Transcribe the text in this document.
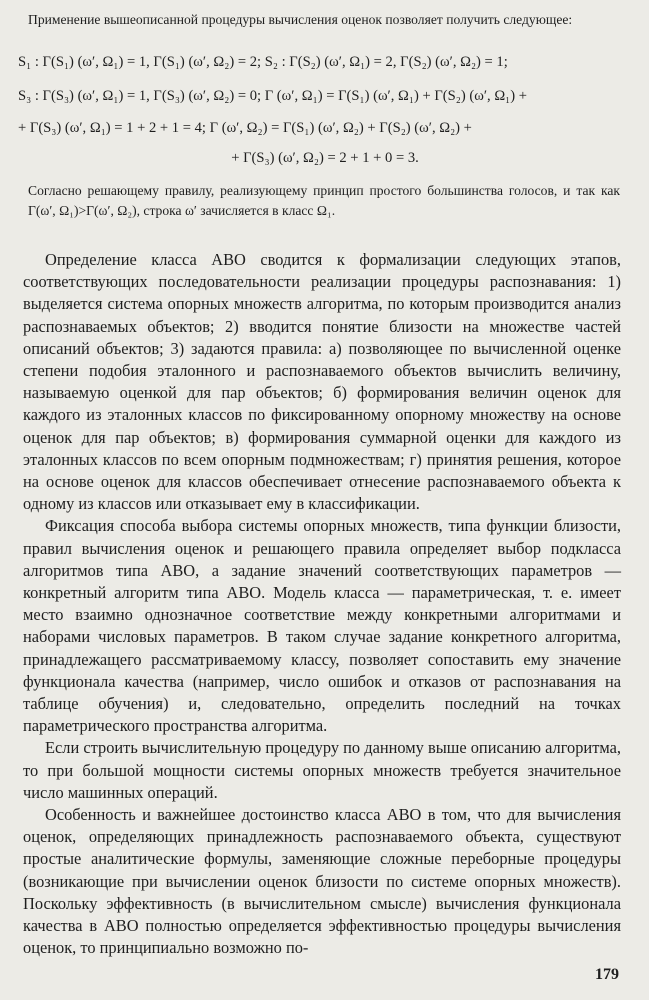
Применение вышеописанной процедуры вычисления оценок позволяет получить следующее:
S₁ : Γ(S₁) (ω′, Ω₁) = 1, Γ(S₁) (ω′, Ω₂) = 2; S₂ : Γ(S₂) (ω′, Ω₁) = 2, Γ(S₂) (ω′, Ω₂) = 1;
S₃ : Γ(S₃) (ω′, Ω₁) = 1, Γ(S₃) (ω′, Ω₂) = 0; Γ (ω′, Ω₁) = Γ(S₁) (ω′, Ω₁) + Γ(S₂) (ω′, Ω₁) +
+ Γ(S₃) (ω′, Ω₁) = 1 + 2 + 1 = 4; Γ (ω′, Ω₂) = Γ(S₁) (ω′, Ω₂) + Γ(S₂) (ω′, Ω₂) +
+ Γ(S₃) (ω′, Ω₂) = 2 + 1 + 0 = 3.
Согласно решающему правилу, реализующему принцип простого большинства голосов, и так как Γ(ω′, Ω₁)>Γ(ω′, Ω₂), строка ω′ зачисляется в класс Ω₁.

Определение класса АВО сводится к формализации следующих этапов, соответствующих последовательности реализации процедуры распознавания: 1) выделяется система опорных множеств алгоритма, по которым производится анализ распознаваемых объектов; 2) вводится понятие близости на множестве частей описаний объектов; 3) задаются правила: а) позволяющее по вычисленной оценке степени подобия эталонного и распознаваемого объектов вычислить величину, называемую оценкой для пар объектов; б) формирования величин оценок для каждого из эталонных классов по фиксированному опорному множеству на основе оценок для пар объектов; в) формирования суммарной оценки для каждого из эталонных классов по всем опорным подмножествам; г) принятия решения, которое на основе оценок для классов обеспечивает отнесение распознаваемого объекта к одному из классов или отказывает ему в классификации.

Фиксация способа выбора системы опорных множеств, типа функции близости, правил вычисления оценок и решающего правила определяет выбор подкласса алгоритмов типа АВО, а задание значений соответствующих параметров — конкретный алгоритм типа АВО. Модель класса — параметрическая, т. е. имеет место взаимно однозначное соответствие между конкретными алгоритмами и наборами числовых параметров. В таком случае задание конкретного алгоритма, принадлежащего рассматриваемому классу, позволяет сопоставить ему значение функционала качества (например, число ошибок и отказов от распознавания на таблице обучения) и, следовательно, определить последний на точках параметрического пространства алгоритма.

Если строить вычислительную процедуру по данному выше описанию алгоритма, то при большой мощности системы опорных множеств требуется значительное число машинных операций.

Особенность и важнейшее достоинство класса АВО в том, что для вычисления оценок, определяющих принадлежность распознаваемого объекта, существуют простые аналитические формулы, заменяющие сложные переборные процедуры (возникающие при вычислении оценок близости по системе опорных множеств). Поскольку эффективность (в вычислительном смысле) вычисления функционала качества в АВО полностью определяется эффективностью процедуры вычисления оценок, то принципиально возможно по-

179
